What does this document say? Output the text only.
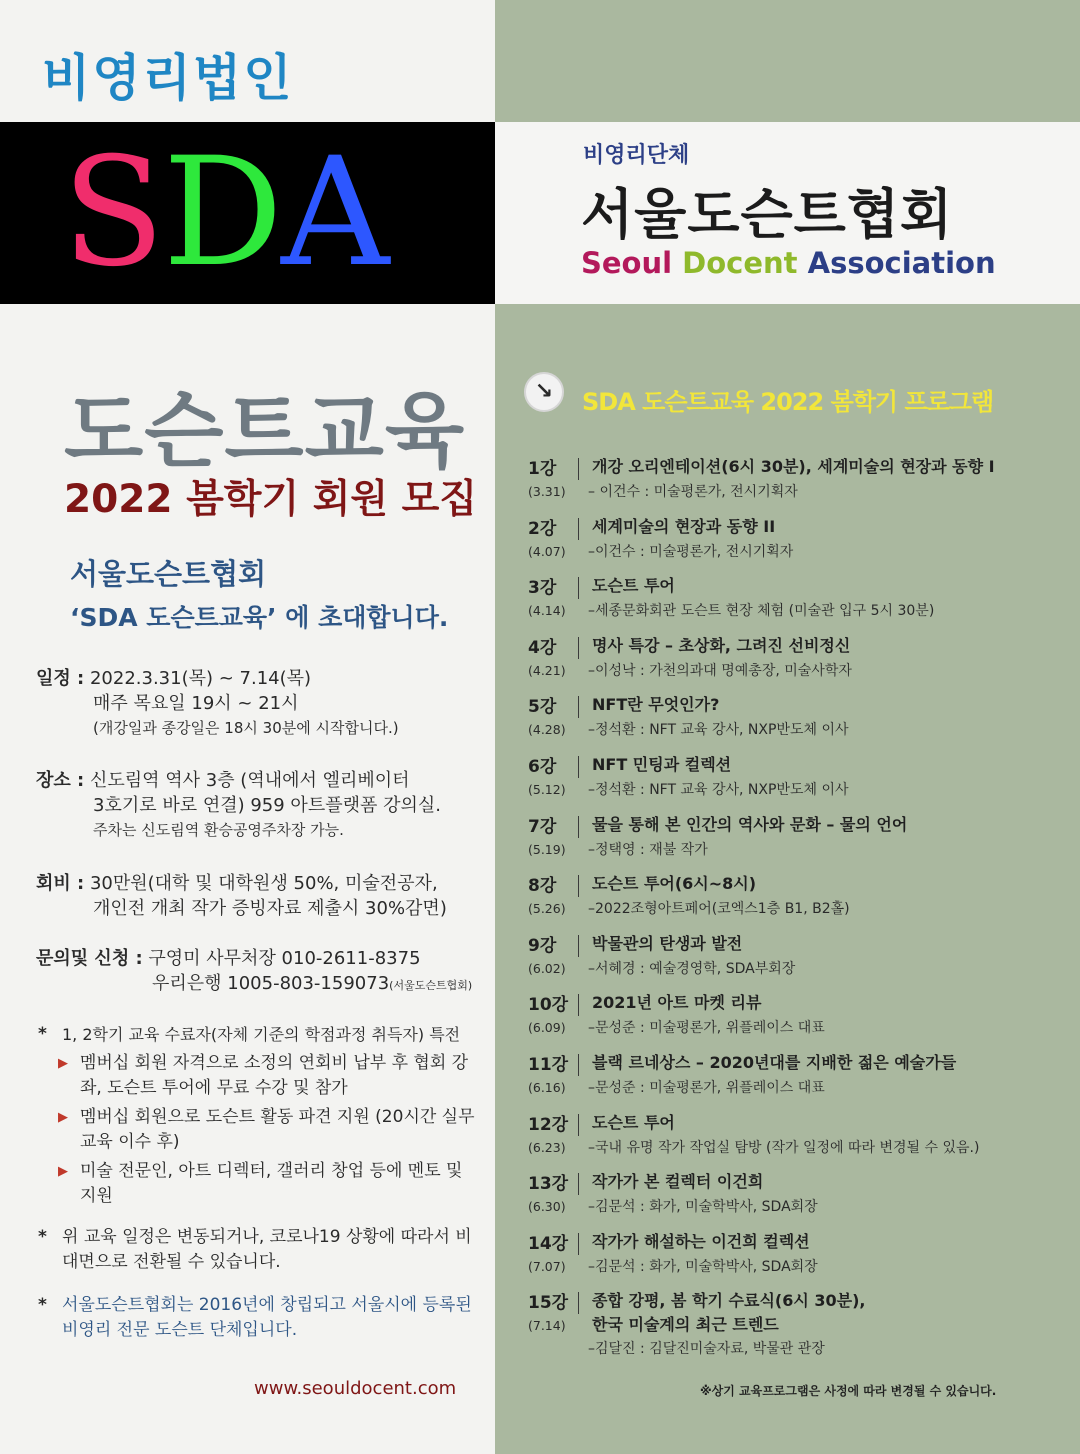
비영리법인
SDA	비영리단체
서울도슨트협회
Seoul Docent Association
도슨트교육
2022 봄학기 회원 모집
서울도슨트협회
‘SDA 도슨트교육’ 에 초대합니다.
일정 : 2022.3.31(목) ~ 7.14(목)
매주 목요일 19시 ~ 21시
(개강일과 종강일은 18시 30분에 시작합니다.)
장소 : 신도림역 역사 3층 (역내에서 엘리베이터
3호기로 바로 연결) 959 아트플랫폼 강의실.
주차는 신도림역 환승공영주차장 가능.
회비 : 30만원(대학 및 대학원생 50%, 미술전공자,
개인전 개최 작가 증빙자료 제출시 30%감면)
문의및 신청 : 구영미 사무처장 010-2611-8375
우리은행 1005-803-159073(서울도슨트협회)
* 1, 2학기 교육 수료자(자체 기준의 학점과정 취득자) 특전
▶ 멤버십 회원 자격으로 소정의 연회비 납부 후 협회 강좌, 도슨트 투어에 무료 수강 및 참가
▶ 멤버십 회원으로 도슨트 활동 파견 지원 (20시간 실무교육 이수 후)
▶ 미술 전문인, 아트 디렉터, 갤러리 창업 등에 멘토 및 지원
* 위 교육 일정은 변동되거나, 코로나19 상황에 따라서 비대면으로 전환될 수 있습니다.
* 서울도슨트협회는 2016년에 창립되고 서울시에 등록된 비영리 전문 도슨트 단체입니다.
www.seouldocent.com
↘	SDA 도슨트교육 2022 봄학기 프로그램
1강
(3.31)
개강 오리엔테이션(6시 30분), 세계미술의 현장과 동향 I
– 이건수 : 미술평론가, 전시기획자
2강
(4.07)
세계미술의 현장과 동향 II
–이건수 : 미술평론가, 전시기획자
3강
(4.14)
도슨트 투어
–세종문화회관 도슨트 현장 체험 (미술관 입구 5시 30분)
4강
(4.21)
명사 특강 – 초상화, 그려진 선비정신
–이성낙 : 가천의과대 명예총장, 미술사학자
5강
(4.28)
NFT란 무엇인가?
–정석환 : NFT 교육 강사, NXP반도체 이사
6강
(5.12)
NFT 민팅과 컬렉션
–정석환 : NFT 교육 강사, NXP반도체 이사
7강
(5.19)
물을 통해 본 인간의 역사와 문화 – 물의 언어
–정택영 : 재불 작가
8강
(5.26)
도슨트 투어(6시~8시)
–2022조형아트페어(코엑스1층 B1, B2홀)
9강
(6.02)
박물관의 탄생과 발전
–서혜경 : 예술경영학, SDA부회장
10강
(6.09)
2021년 아트 마켓 리뷰
–문성준 : 미술평론가, 위플레이스 대표
11강
(6.16)
블랙 르네상스 – 2020년대를 지배한 젊은 예술가들
–문성준 : 미술평론가, 위플레이스 대표
12강
(6.23)
도슨트 투어
–국내 유명 작가 작업실 탐방 (작가 일정에 따라 변경될 수 있음.)
13강
(6.30)
작가가 본 컬렉터 이건희
–김문석 : 화가, 미술학박사, SDA회장
14강
(7.07)
작가가 해설하는 이건희 컬렉션
–김문석 : 화가, 미술학박사, SDA회장
15강
(7.14)
종합 강평, 봄 학기 수료식(6시 30분),
한국 미술계의 최근 트렌드
–김달진 : 김달진미술자료, 박물관 관장
※상기 교육프로그램은 사정에 따라 변경될 수 있습니다.
